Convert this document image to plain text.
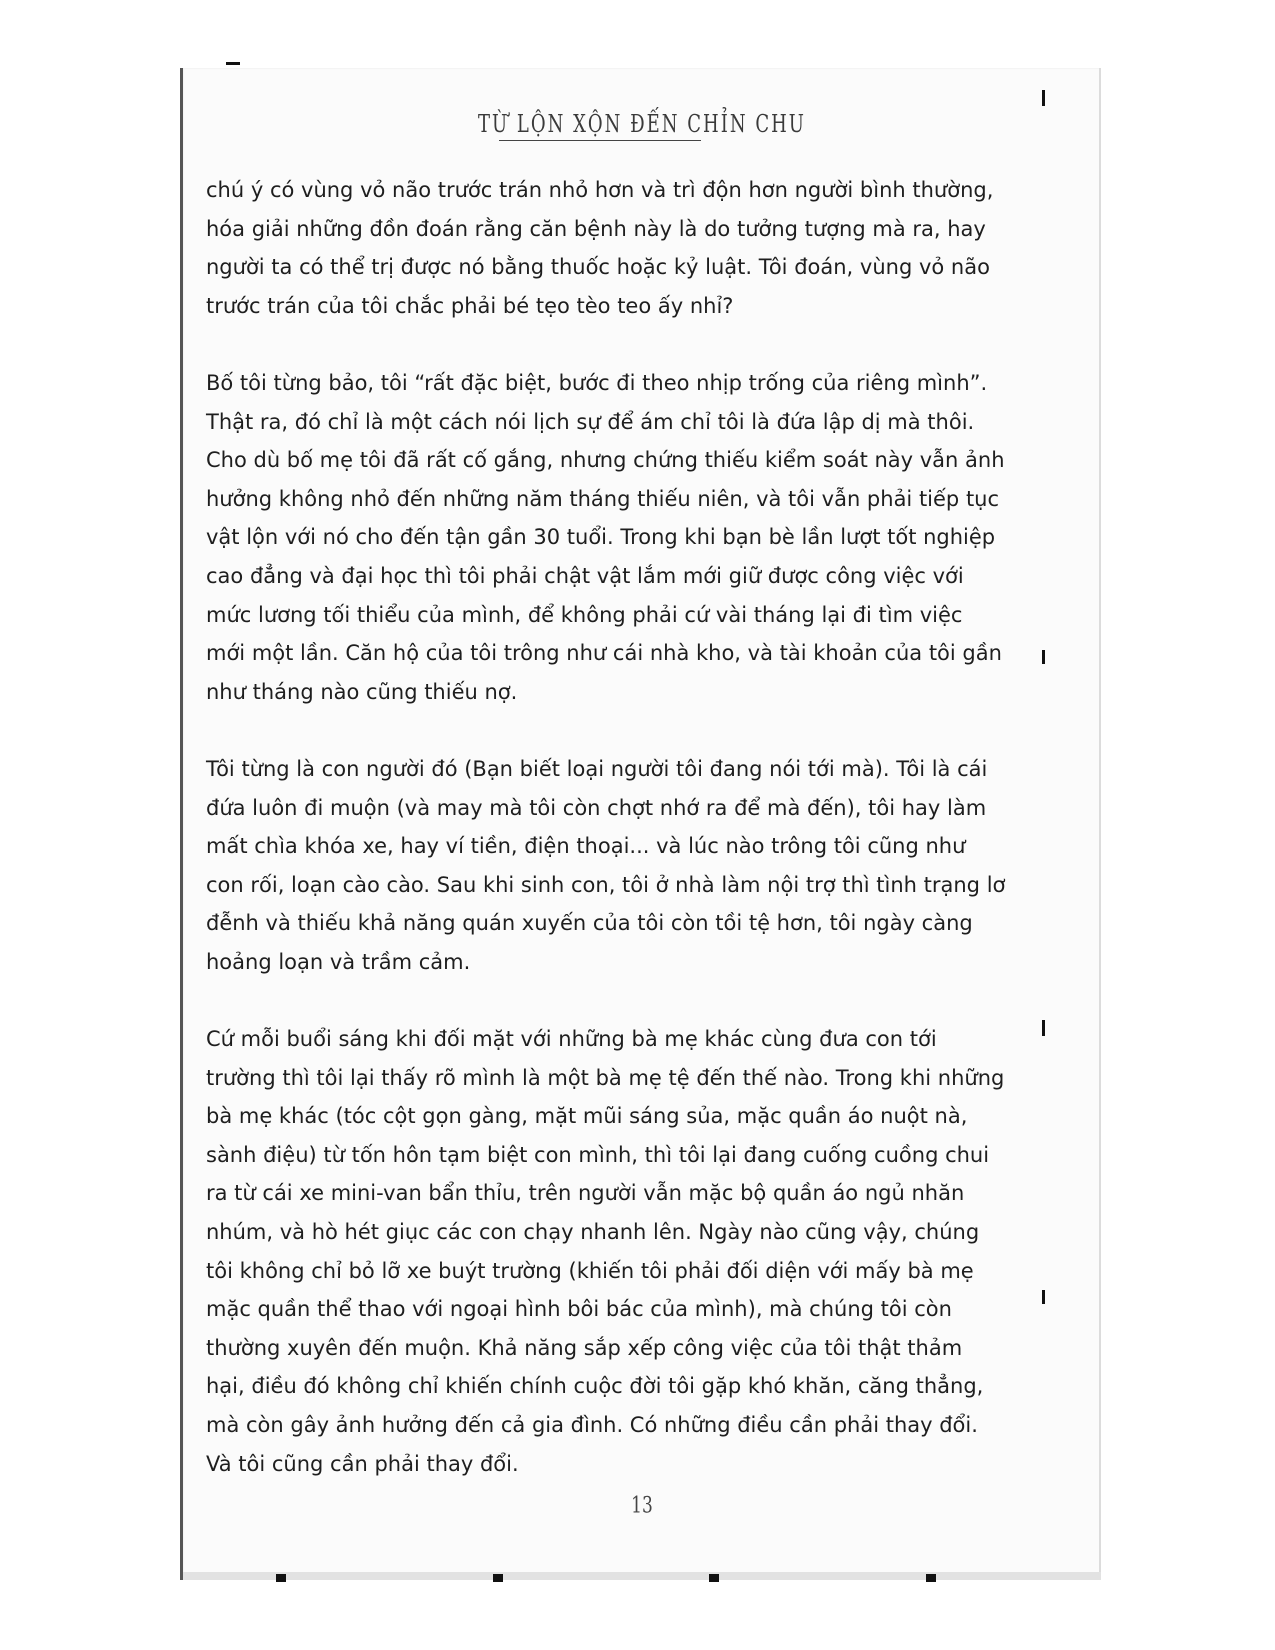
TỪ LỘN XỘN ĐẾN CHỈN CHU

chú ý có vùng vỏ não trước trán nhỏ hơn và trì độn hơn người bình thường, hóa giải những đồn đoán rằng căn bệnh này là do tưởng tượng mà ra, hay người ta có thể trị được nó bằng thuốc hoặc kỷ luật. Tôi đoán, vùng vỏ não trước trán của tôi chắc phải bé tẹo tèo teo ấy nhỉ?

Bố tôi từng bảo, tôi “rất đặc biệt, bước đi theo nhịp trống của riêng mình”. Thật ra, đó chỉ là một cách nói lịch sự để ám chỉ tôi là đứa lập dị mà thôi. Cho dù bố mẹ tôi đã rất cố gắng, nhưng chứng thiếu kiểm soát này vẫn ảnh hưởng không nhỏ đến những năm tháng thiếu niên, và tôi vẫn phải tiếp tục vật lộn với nó cho đến tận gần 30 tuổi. Trong khi bạn bè lần lượt tốt nghiệp cao đẳng và đại học thì tôi phải chật vật lắm mới giữ được công việc với mức lương tối thiểu của mình, để không phải cứ vài tháng lại đi tìm việc mới một lần. Căn hộ của tôi trông như cái nhà kho, và tài khoản của tôi gần như tháng nào cũng thiếu nợ.

Tôi từng là con người đó (Bạn biết loại người tôi đang nói tới mà). Tôi là cái đứa luôn đi muộn (và may mà tôi còn chợt nhớ ra để mà đến), tôi hay làm mất chìa khóa xe, hay ví tiền, điện thoại... và lúc nào trông tôi cũng như con rối, loạn cào cào. Sau khi sinh con, tôi ở nhà làm nội trợ thì tình trạng lơ đễnh và thiếu khả năng quán xuyến của tôi còn tồi tệ hơn, tôi ngày càng hoảng loạn và trầm cảm.

Cứ mỗi buổi sáng khi đối mặt với những bà mẹ khác cùng đưa con tới trường thì tôi lại thấy rõ mình là một bà mẹ tệ đến thế nào. Trong khi những bà mẹ khác (tóc cột gọn gàng, mặt mũi sáng sủa, mặc quần áo nuột nà, sành điệu) từ tốn hôn tạm biệt con mình, thì tôi lại đang cuống cuồng chui ra từ cái xe mini-van bẩn thỉu, trên người vẫn mặc bộ quần áo ngủ nhăn nhúm, và hò hét giục các con chạy nhanh lên. Ngày nào cũng vậy, chúng tôi không chỉ bỏ lỡ xe buýt trường (khiến tôi phải đối diện với mấy bà mẹ mặc quần thể thao với ngoại hình bôi bác của mình), mà chúng tôi còn thường xuyên đến muộn. Khả năng sắp xếp công việc của tôi thật thảm hại, điều đó không chỉ khiến chính cuộc đời tôi gặp khó khăn, căng thẳng, mà còn gây ảnh hưởng đến cả gia đình. Có những điều cần phải thay đổi. Và tôi cũng cần phải thay đổi.

13
